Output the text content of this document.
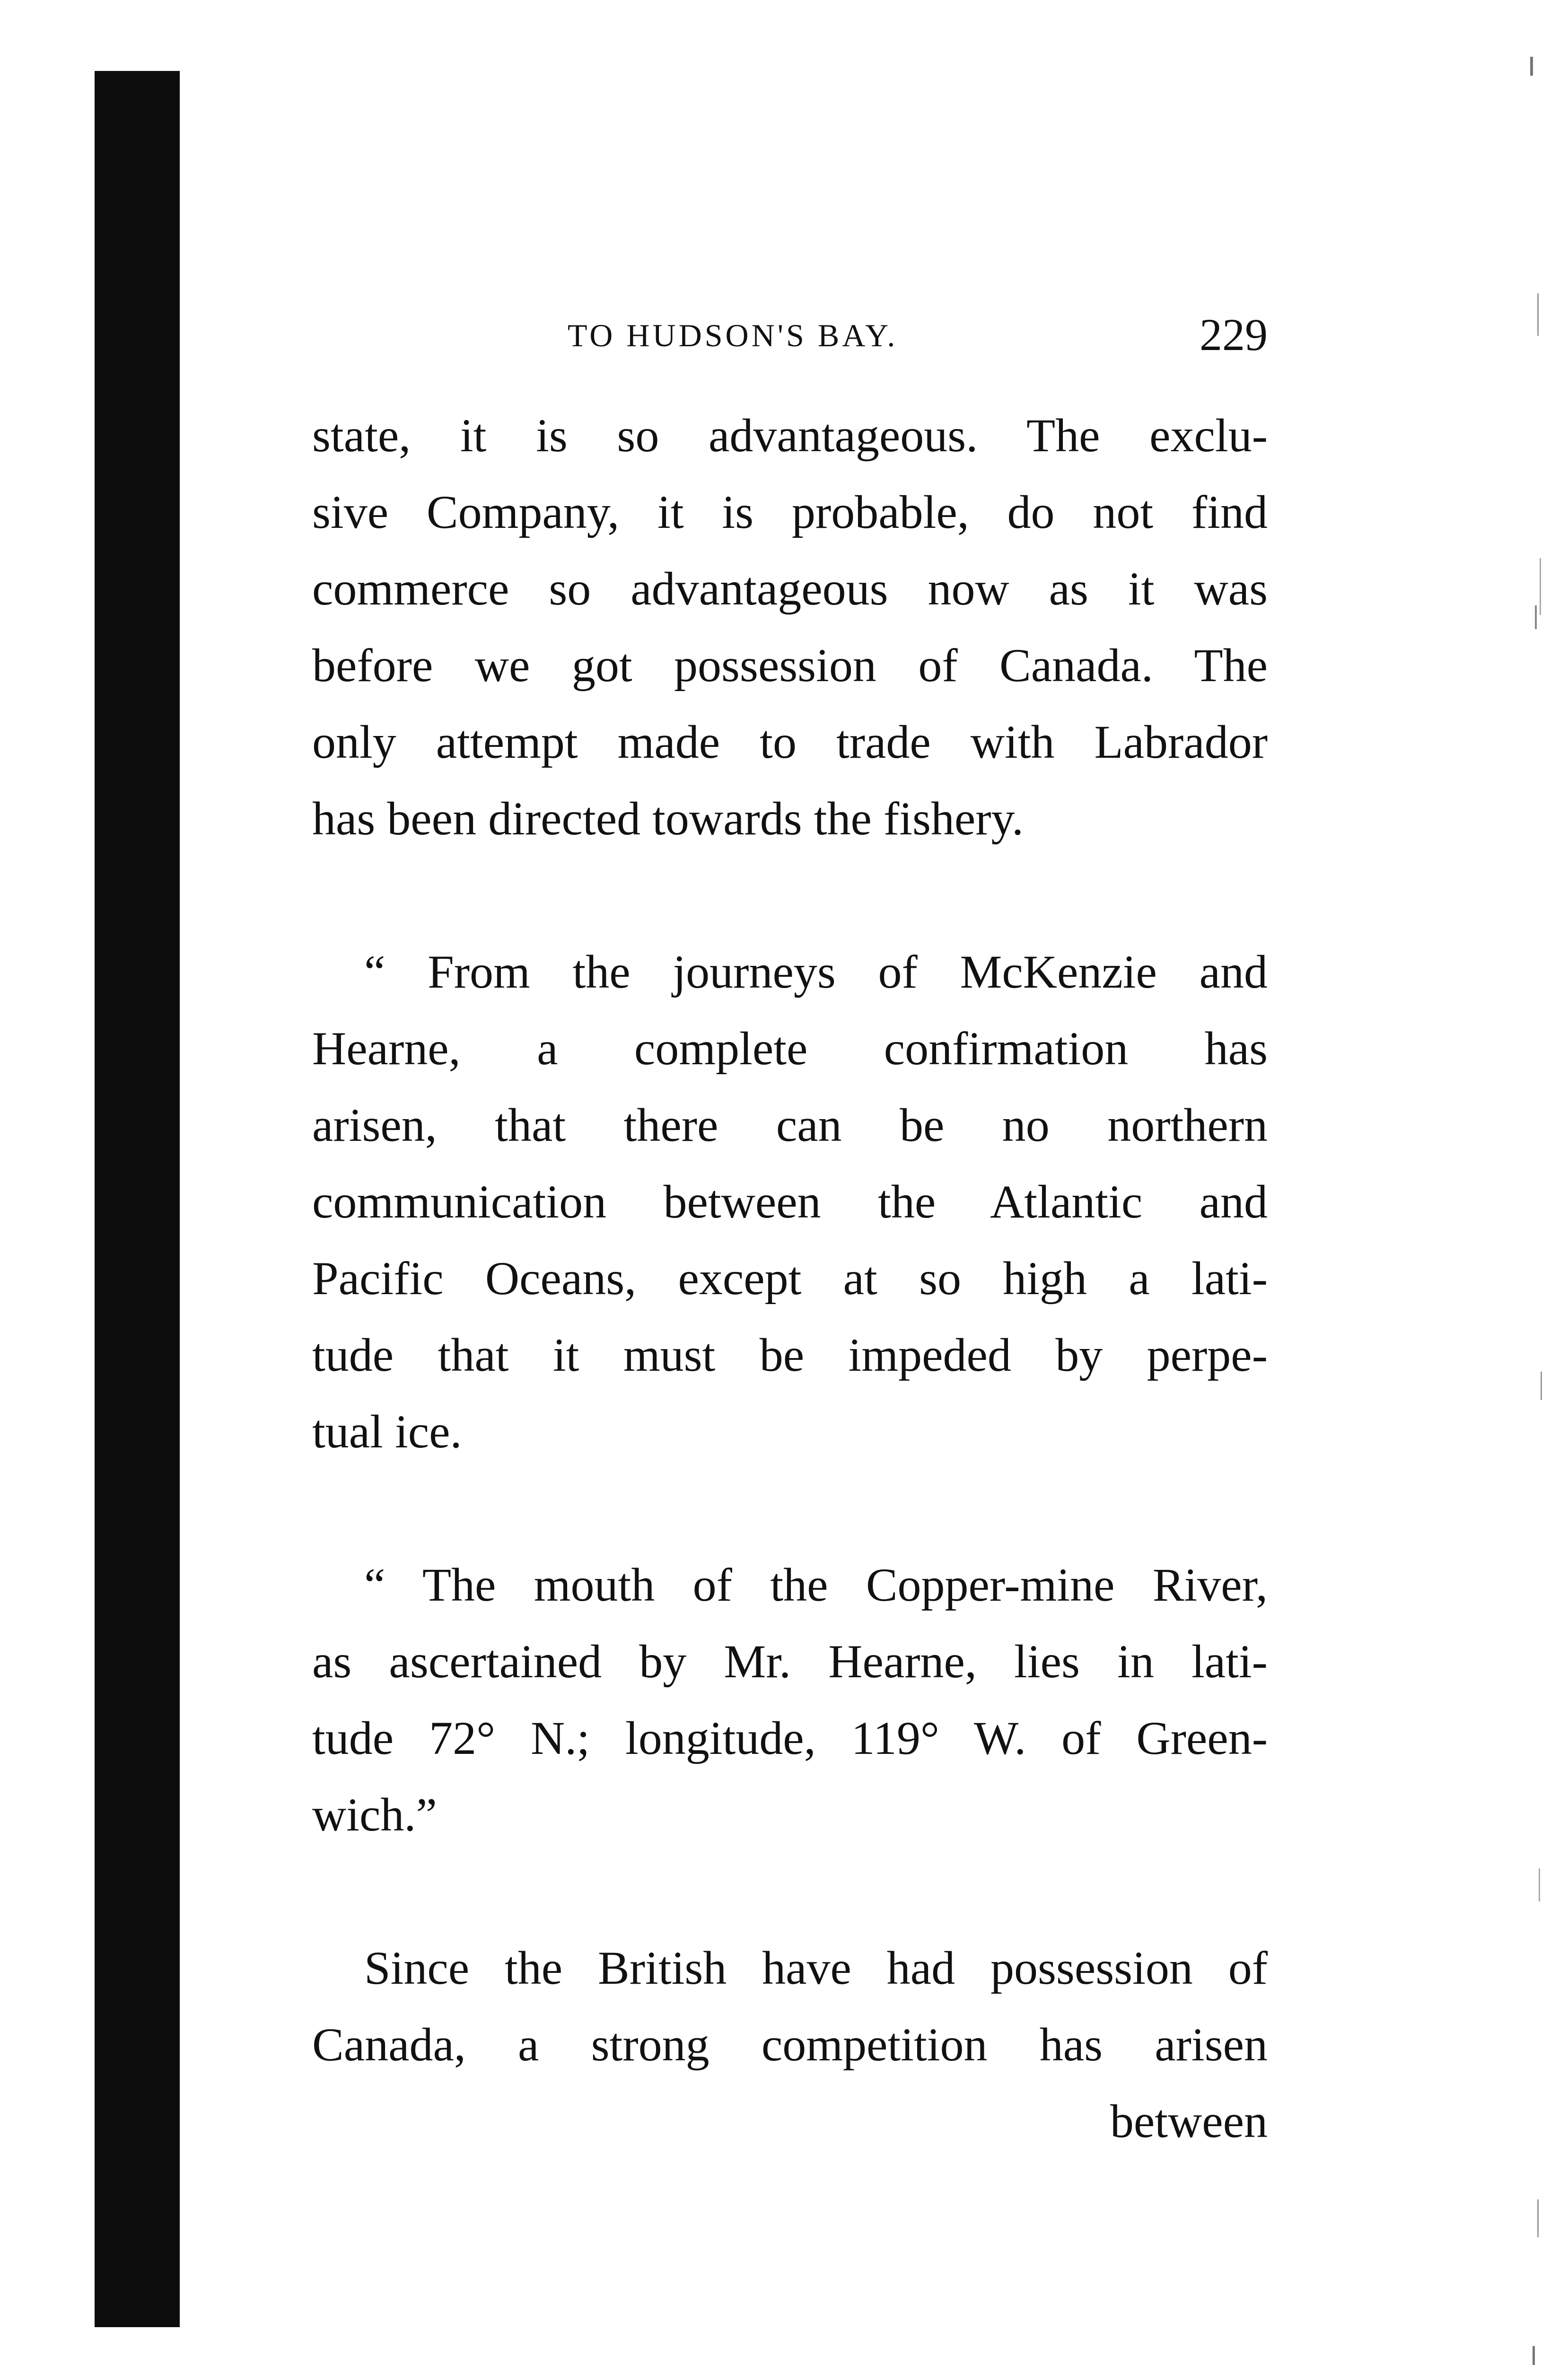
TO HUDSON'S BAY.	229

state, it is so advantageous. The exclu-
sive Company, it is probable, do not find
commerce so advantageous now as it was
before we got possession of Canada. The
only attempt made to trade with Labrador
has been directed towards the fishery.

“ From the journeys of McKenzie and
Hearne, a complete confirmation has
arisen, that there can be no northern
communication between the Atlantic and
Pacific Oceans, except at so high a lati-
tude that it must be impeded by perpe-
tual ice.

“ The mouth of the Copper-mine River,
as ascertained by Mr. Hearne, lies in lati-
tude 72° N.; longitude, 119° W. of Green-
wich.”

Since the British have had possession of
Canada, a strong competition has arisen
between
